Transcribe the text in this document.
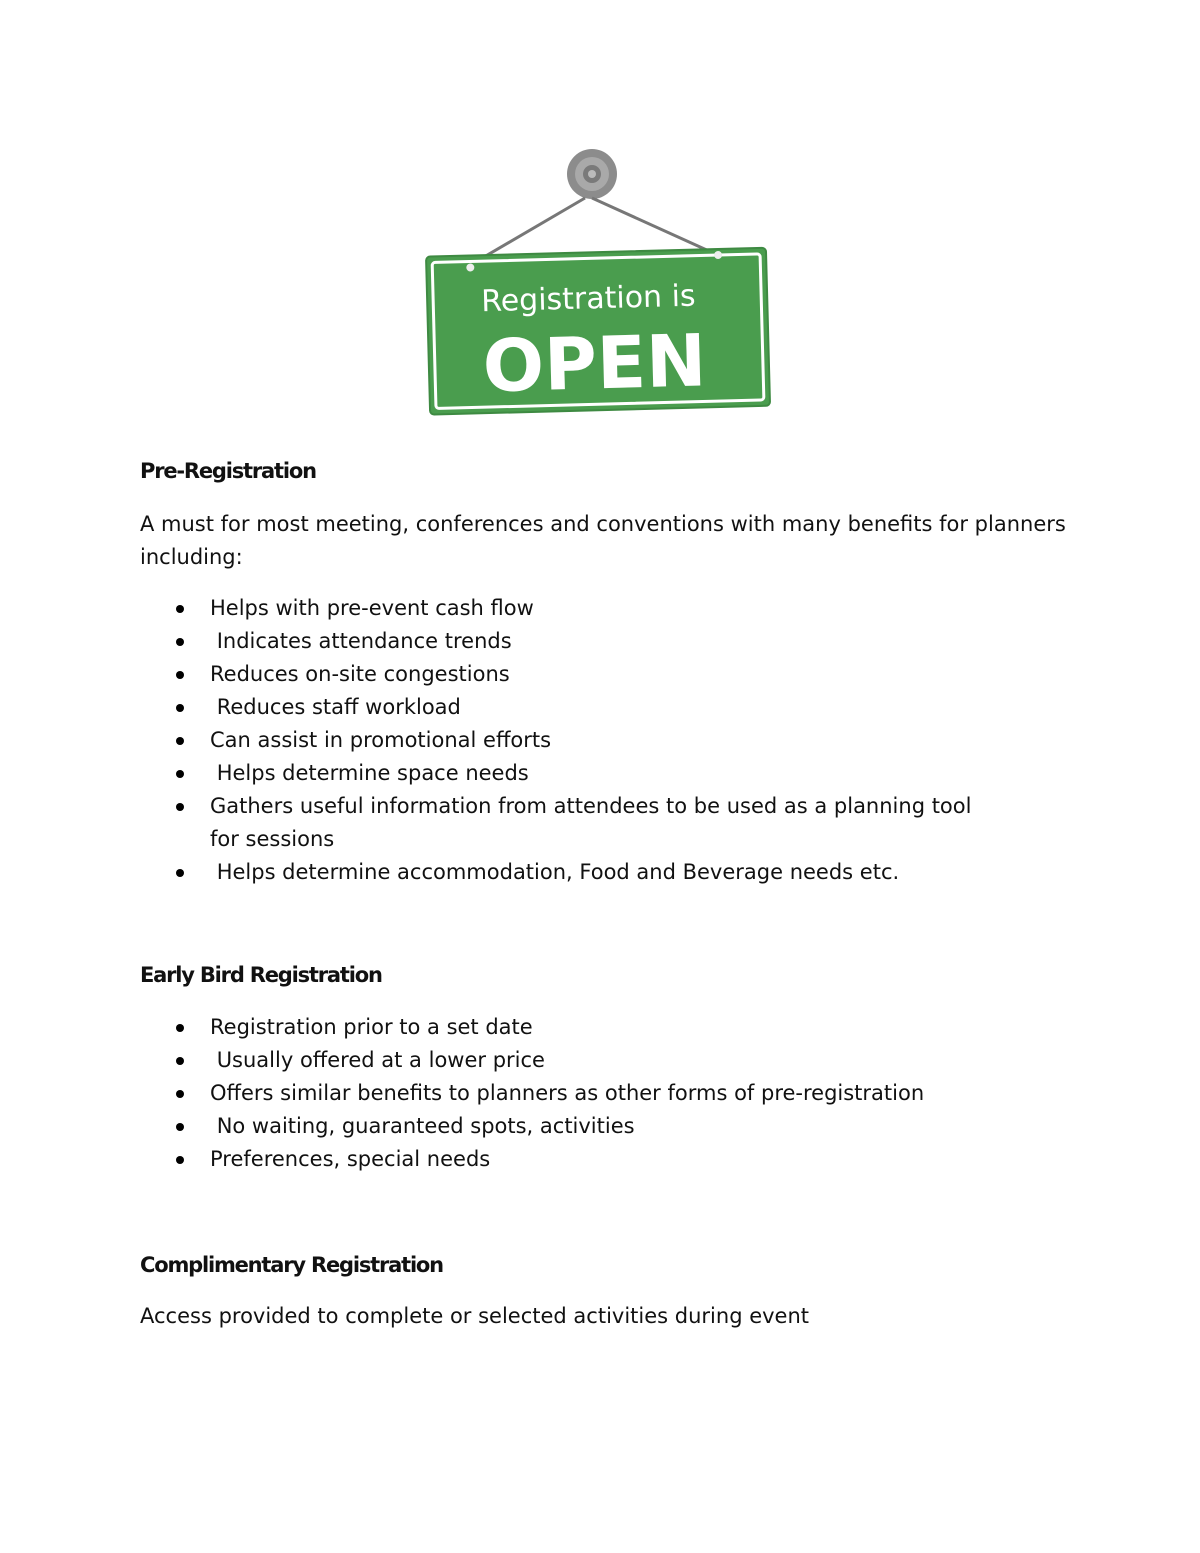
Registration is
OPEN
Pre-Registration

A must for most meeting, conferences and conventions with many benefits for planners including:

Helps with pre-event cash flow
Indicates attendance trends
Reduces on-site congestions
Reduces staff workload
Can assist in promotional efforts
Helps determine space needs
Gathers useful information from attendees to be used as a planning tool for sessions
Helps determine accommodation, Food and Beverage needs etc.
Early Bird Registration
Registration prior to a set date
Usually offered at a lower price
Offers similar benefits to planners as other forms of pre-registration
No waiting, guaranteed spots, activities
Preferences, special needs
Complimentary Registration

Access provided to complete or selected activities during event
